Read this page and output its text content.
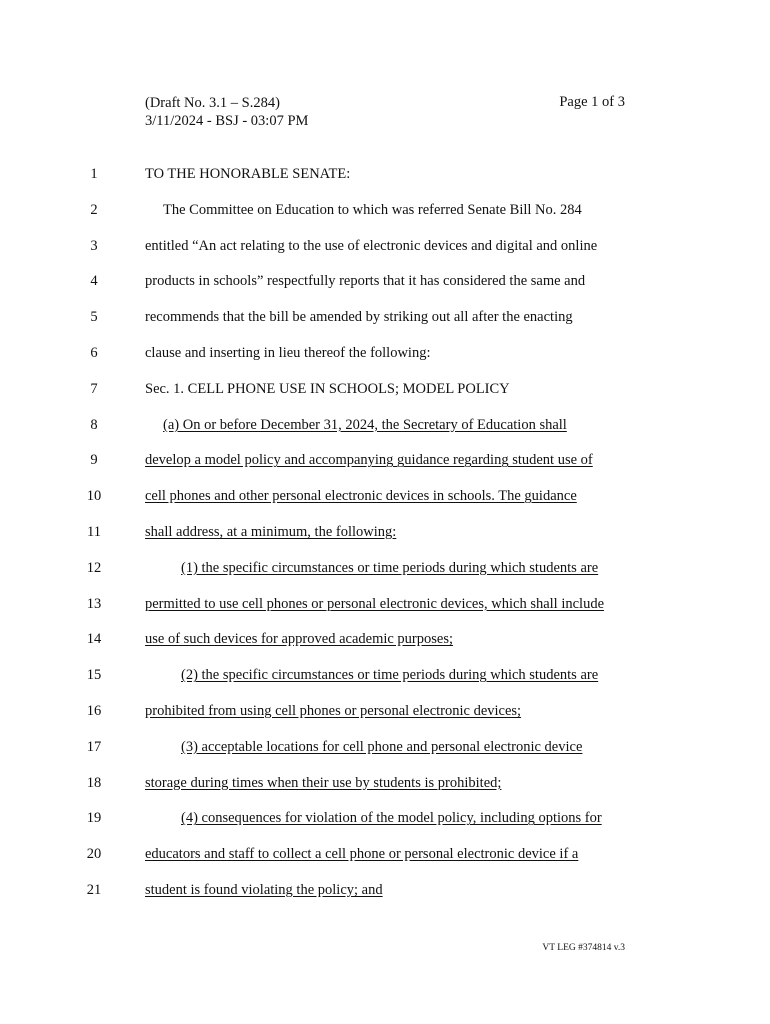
(Draft No. 3.1 – S.284)
3/11/2024 - BSJ - 03:07 PM
Page 1 of 3
1	TO THE HONORABLE SENATE:
2	The Committee on Education to which was referred Senate Bill No. 284
3	entitled “An act relating to the use of electronic devices and digital and online
4	products in schools” respectfully reports that it has considered the same and
5	recommends that the bill be amended by striking out all after the enacting
6	clause and inserting in lieu thereof the following:
7	Sec. 1. CELL PHONE USE IN SCHOOLS; MODEL POLICY
8	(a) On or before December 31, 2024, the Secretary of Education shall
9	develop a model policy and accompanying guidance regarding student use of
10	cell phones and other personal electronic devices in schools. The guidance
11	shall address, at a minimum, the following:
12	(1) the specific circumstances or time periods during which students are
13	permitted to use cell phones or personal electronic devices, which shall include
14	use of such devices for approved academic purposes;
15	(2) the specific circumstances or time periods during which students are
16	prohibited from using cell phones or personal electronic devices;
17	(3) acceptable locations for cell phone and personal electronic device
18	storage during times when their use by students is prohibited;
19	(4) consequences for violation of the model policy, including options for
20	educators and staff to collect a cell phone or personal electronic device if a
21	student is found violating the policy; and
VT LEG #374814 v.3
